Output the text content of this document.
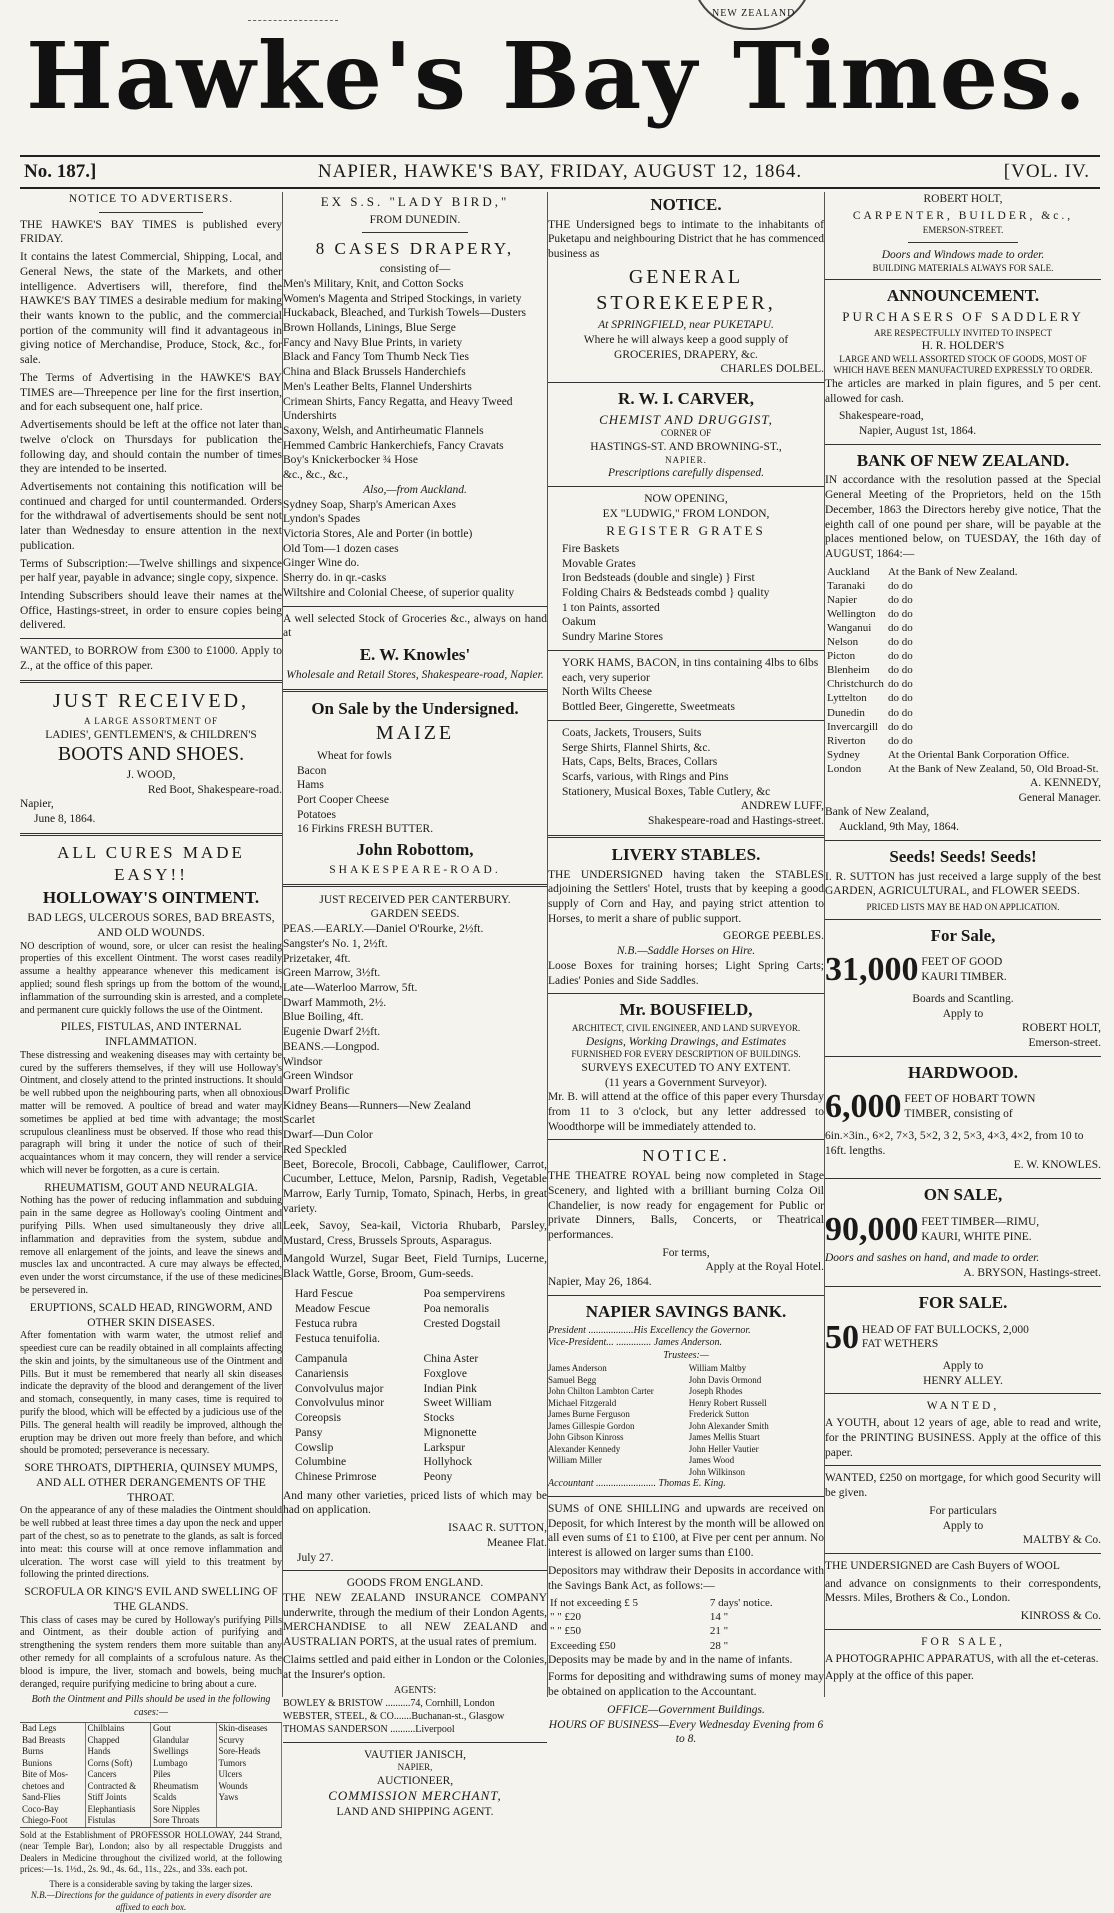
NEW ZEALAND
Hawke's Bay Times.
No. 187.]	NAPIER, HAWKE'S BAY, FRIDAY, AUGUST 12, 1864.	[VOL. IV.
NOTICE TO ADVERTISERS.

THE HAWKE'S BAY TIMES is published every FRIDAY.

It contains the latest Commercial, Shipping, Local, and General News, the state of the Markets, and other intelligence. Advertisers will, therefore, find the HAWKE'S BAY TIMES a desirable medium for making their wants known to the public, and the commercial portion of the community will find it advantageous in giving notice of Merchandise, Produce, Stock, &c., for sale.

The Terms of Advertising in the HAWKE'S BAY TIMES are—Threepence per line for the first insertion, and for each subsequent one, half price.

Advertisements should be left at the office not later than twelve o'clock on Thursdays for publication the following day, and should contain the number of times they are intended to be inserted.

Advertisements not containing this notification will be continued and charged for until countermanded. Orders for the withdrawal of advertisements should be sent not later than Wednesday to ensure attention in the next publication.

Terms of Subscription:—Twelve shillings and sixpence per half year, payable in advance; single copy, sixpence.

Intending Subscribers should leave their names at the Office, Hastings-street, in order to ensure copies being delivered.

WANTED, to BORROW from £300 to £1000. Apply to Z., at the office of this paper.

JUST RECEIVED,
A LARGE ASSORTMENT OF
LADIES', GENTLEMEN'S, & CHILDREN'S
BOOTS AND SHOES.
J. WOOD,
Red Boot, Shakespeare-road.
Napier,
June 8, 1864.
ALL CURES MADE EASY!!
HOLLOWAY'S OINTMENT.
BAD LEGS, ULCEROUS SORES, BAD BREASTS, AND OLD WOUNDS.

NO description of wound, sore, or ulcer can resist the healing properties of this excellent Ointment. The worst cases readily assume a healthy appearance whenever this medicament is applied; sound flesh springs up from the bottom of the wound, inflammation of the surrounding skin is arrested, and a complete and permanent cure quickly follows the use of the Ointment.

PILES, FISTULAS, AND INTERNAL INFLAMMATION.

These distressing and weakening diseases may with certainty be cured by the sufferers themselves, if they will use Holloway's Ointment, and closely attend to the printed instructions. It should be well rubbed upon the neighbouring parts, when all obnoxious matter will be removed. A poultice of bread and water may sometimes be applied at bed time with advantage; the most scrupulous cleanliness must be observed. If those who read this paragraph will bring it under the notice of such of their acquaintances whom it may concern, they will render a service which will never be forgotten, as a cure is certain.

RHEUMATISM, GOUT AND NEURALGIA.

Nothing has the power of reducing inflammation and subduing pain in the same degree as Holloway's cooling Ointment and purifying Pills. When used simultaneously they drive all inflammation and depravities from the system, subdue and remove all enlargement of the joints, and leave the sinews and muscles lax and uncontracted. A cure may always be effected, even under the worst circumstance, if the use of these medicines be persevered in.

ERUPTIONS, SCALD HEAD, RINGWORM, AND OTHER SKIN DISEASES.

After fomentation with warm water, the utmost relief and speediest cure can be readily obtained in all complaints affecting the skin and joints, by the simultaneous use of the Ointment and Pills. But it must be remembered that nearly all skin diseases indicate the depravity of the blood and derangement of the liver and stomach, consequently, in many cases, time is required to purify the blood, which will be effected by a judicious use of the Pills. The general health will readily be improved, although the eruption may be driven out more freely than before, and which should be promoted; perseverance is necessary.

SORE THROATS, DIPTHERIA, QUINSEY MUMPS, AND ALL OTHER DERANGEMENTS OF THE THROAT.

On the appearance of any of these maladies the Ointment should be well rubbed at least three times a day upon the neck and upper part of the chest, so as to penetrate to the glands, as salt is forced into meat: this course will at once remove inflammation and ulceration. The worst case will yield to this treatment by following the printed directions.

SCROFULA OR KING'S EVIL AND SWELLING OF THE GLANDS.

This class of cases may be cured by Holloway's purifying Pills and Ointment, as their double action of purifying and strengthening the system renders them more suitable than any other remedy for all complaints of a scrofulous nature. As the blood is impure, the liver, stomach and bowels, being much deranged, require purifying medicine to bring about a cure.

Both the Ointment and Pills should be used in the following cases:—
Bad Legs	Chilblains	Gout	Skin-diseases
Bad Breasts	Chapped	Glandular	Scurvy
Burns	Hands	Swellings	Sore-Heads
Bunions	Corns (Soft)	Lumbago	Tumors
Bite of Mos-	Cancers	Piles	Ulcers
chetoes and	Contracted &	Rheumatism	Wounds
Sand-Flies	Stiff Joints	Scalds	Yaws
Coco-Bay	Elephantiasis	Sore Nipples
Chiego-Foot	Fistulas	Sore Throats

Sold at the Establishment of PROFESSOR HOLLOWAY, 244 Strand, (near Temple Bar), London; also by all respectable Druggists and Dealers in Medicine throughout the civilized world, at the following prices:—1s. 1½d., 2s. 9d., 4s. 6d., 11s., 22s., and 33s. each pot.

There is a considerable saving by taking the larger sizes.
N.B.—Directions for the guidance of patients in every disorder are affixed to each box.
EX S.S. "LADY BIRD,"
FROM DUNEDIN.
8 CASES DRAPERY,
consisting of—
Men's Military, Knit, and Cotton Socks
Women's Magenta and Striped Stockings, in variety
Huckaback, Bleached, and Turkish Towels—Dusters
Brown Hollands, Linings, Blue Serge
Fancy and Navy Blue Prints, in variety
Black and Fancy Tom Thumb Neck Ties
China and Black Brussels Handerchiefs
Men's Leather Belts, Flannel Undershirts
Crimean Shirts, Fancy Regatta, and Heavy Tweed Undershirts
Saxony, Welsh, and Antirheumatic Flannels
Hemmed Cambric Hankerchiefs, Fancy Cravats
Boy's Knickerbocker ¾ Hose
&c., &c., &c.,
Also,—from Auckland.
Sydney Soap, Sharp's American Axes
Lyndon's Spades
Victoria Stores, Ale and Porter (in bottle)
Old Tom—1 dozen cases
Ginger Wine do.
Sherry do. in qr.-casks
Wiltshire and Colonial Cheese, of superior quality

A well selected Stock of Groceries &c., always on hand at

E. W. Knowles'
Wholesale and Retail Stores, Shakespeare-road, Napier.
On Sale by the Undersigned.
MAIZE
Wheat for fowls
Bacon
Hams
Port Cooper Cheese
Potatoes
16 Firkins FRESH BUTTER.
John Robottom,
SHAKESPEARE-ROAD.
JUST RECEIVED PER CANTERBURY.
GARDEN SEEDS.
PEAS.—EARLY.—Daniel O'Rourke, 2½ft.
Sangster's No. 1, 2½ft.
Prizetaker, 4ft.
Green Marrow, 3½ft.
Late—Waterloo Marrow, 5ft.
Dwarf Mammoth, 2½.
Blue Boiling, 4ft.
Eugenie Dwarf 2½ft.
BEANS.—Longpod.
Windsor
Green Windsor
Dwarf Prolific
Kidney Beans—Runners—New Zealand
Scarlet
Dwarf—Dun Color
Red Speckled

Beet, Borecole, Brocoli, Cabbage, Cauliflower, Carrot, Cucumber, Lettuce, Melon, Parsnip, Radish, Vegetable Marrow, Early Turnip, Tomato, Spinach, Herbs, in great variety.

Leek, Savoy, Sea-kail, Victoria Rhubarb, Parsley, Mustard, Cress, Brussels Sprouts, Asparagus.

Mangold Wurzel, Sugar Beet, Field Turnips, Lucerne, Black Wattle, Gorse, Broom, Gum-seeds.

Hard Fescue
Meadow Fescue
Festuca rubra
Festuca tenuifolia.
Poa sempervirens
Poa nemoralis
Crested Dogstail
Campanula
Canariensis
Convolvulus major
Convolvulus minor
Coreopsis
Pansy
Cowslip
Columbine
Chinese Primrose
China Aster
Foxglove
Indian Pink
Sweet William
Stocks
Mignonette
Larkspur
Hollyhock
Peony

And many other varieties, priced lists of which may be had on application.

ISAAC R. SUTTON,
Meanee Flat.
July 27.
GOODS FROM ENGLAND.

THE NEW ZEALAND INSURANCE COMPANY underwrite, through the medium of their London Agents, MERCHANDISE to all NEW ZEALAND and AUSTRALIAN PORTS, at the usual rates of premium.

Claims settled and paid either in London or the Colonies, at the Insurer's option.

AGENTS:
BOWLEY & BRISTOW ..........74, Cornhill, London
WEBSTER, STEEL, & CO.......Buchanan-st., Glasgow
THOMAS SANDERSON ..........Liverpool
VAUTIER JANISCH,
NAPIER,
AUCTIONEER,
COMMISSION MERCHANT,
LAND AND SHIPPING AGENT.
NOTICE.

THE Undersigned begs to intimate to the inhabitants of Puketapu and neighbouring District that he has commenced business as

GENERAL STOREKEEPER,
At SPRINGFIELD, near PUKETAPU.
Where he will always keep a good supply of
GROCERIES, DRAPERY, &c.
CHARLES DOLBEL.
R. W. I. CARVER,
CHEMIST AND DRUGGIST,
CORNER OF
HASTINGS-ST. AND BROWNING-ST.,
NAPIER.
Prescriptions carefully dispensed.
NOW OPENING,
EX "LUDWIG," FROM LONDON,
REGISTER GRATES
Fire Baskets
Movable Grates
Iron Bedsteads (double and single) } First
Folding Chairs & Bedsteads combd } quality
1 ton Paints, assorted
Oakum
Sundry Marine Stores
YORK HAMS, BACON, in tins containing 4lbs to 6lbs each, very superior
North Wilts Cheese
Bottled Beer, Gingerette, Sweetmeats
Coats, Jackets, Trousers, Suits
Serge Shirts, Flannel Shirts, &c.
Hats, Caps, Belts, Braces, Collars
Scarfs, various, with Rings and Pins
Stationery, Musical Boxes, Table Cutlery, &c
ANDREW LUFF,
Shakespeare-road and Hastings-street.
LIVERY STABLES.

THE UNDERSIGNED having taken the STABLES adjoining the Settlers' Hotel, trusts that by keeping a good supply of Corn and Hay, and paying strict attention to Horses, to merit a share of public support.

GEORGE PEEBLES.
N.B.—Saddle Horses on Hire.

Loose Boxes for training horses; Light Spring Carts; Ladies' Ponies and Side Saddles.

Mr. BOUSFIELD,
ARCHITECT, CIVIL ENGINEER, AND LAND SURVEYOR.
Designs, Working Drawings, and Estimates
FURNISHED FOR EVERY DESCRIPTION OF BUILDINGS.
SURVEYS EXECUTED TO ANY EXTENT.
(11 years a Government Surveyor).

Mr. B. will attend at the office of this paper every Thursday from 11 to 3 o'clock, but any letter addressed to Woodthorpe will be immediately attended to.

NOTICE.

THE THEATRE ROYAL being now completed in Stage Scenery, and lighted with a brilliant burning Colza Oil Chandelier, is now ready for engagement for Public or private Dinners, Balls, Concerts, or Theatrical performances.

For terms,
Apply at the Royal Hotel.
Napier, May 26, 1864.
NAPIER SAVINGS BANK.
President ..................His Excellency the Governor.
Vice-President... .............. James Anderson.
Trustees:—
James Anderson
Samuel Begg
John Chilton Lambton Carter
Michael Fitzgerald
James Burne Ferguson
James Gillespie Gordon
John Gibson Kinross
Alexander Kennedy
William Miller
William Maltby
John Davis Ormond
Joseph Rhodes
Henry Robert Russell
Frederick Sutton
John Alexander Smith
James Mellis Stuart
John Heller Vautier
James Wood
John Wilkinson
Accountant ........................ Thomas E. King.

SUMS of ONE SHILLING and upwards are received on Deposit, for which Interest by the month will be allowed on all even sums of £1 to £100, at Five per cent per annum. No interest is allowed on larger sums than £100.

Depositors may withdraw their Deposits in accordance with the Savings Bank Act, as follows:—

If not exceeding £ 5	7 days' notice.
" " £20	14 "
" " £50	21 "
Exceeding £50	28 "

Deposits may be made by and in the name of infants.

Forms for depositing and withdrawing sums of money may be obtained on application to the Accountant.

OFFICE—Government Buildings.
HOURS OF BUSINESS—Every Wednesday Evening from 6 to 8.
ROBERT HOLT,
CARPENTER, BUILDER, &c.,
EMERSON-STREET.
Doors and Windows made to order.
BUILDING MATERIALS ALWAYS FOR SALE.
ANNOUNCEMENT.
PURCHASERS OF SADDLERY
ARE RESPECTFULLY INVITED TO INSPECT
H. R. HOLDER'S
LARGE AND WELL ASSORTED STOCK OF GOODS, MOST OF WHICH HAVE BEEN MANUFACTURED EXPRESSLY TO ORDER.

The articles are marked in plain figures, and 5 per cent. allowed for cash.

Shakespeare-road,
Napier, August 1st, 1864.
BANK OF NEW ZEALAND.

IN accordance with the resolution passed at the Special General Meeting of the Proprietors, held on the 15th December, 1863 the Directors hereby give notice, That the eighth call of one pound per share, will be payable at the places mentioned below, on TUESDAY, the 16th day of AUGUST, 1864:—

Auckland	At the Bank of New Zealand.
Taranaki	do do
Napier	do do
Wellington	do do
Wanganui	do do
Nelson	do do
Picton	do do
Blenheim	do do
Christchurch	do do
Lyttelton	do do
Dunedin	do do
Invercargill	do do
Riverton	do do
Sydney	At the Oriental Bank Corporation Office.
London	At the Bank of New Zealand, 50, Old Broad-St.
A. KENNEDY,
General Manager.
Bank of New Zealand,
Auckland, 9th May, 1864.
Seeds! Seeds! Seeds!

I. R. SUTTON has just received a large supply of the best GARDEN, AGRICULTURAL, and FLOWER SEEDS.

PRICED LISTS MAY BE HAD ON APPLICATION.
For Sale,
31,000 FEET OF GOOD KAURI TIMBER.
Boards and Scantling.
Apply to
ROBERT HOLT,
Emerson-street.
HARDWOOD.
6,000 FEET OF HOBART TOWN TIMBER, consisting of
6in.×3in., 6×2, 7×3, 5×2, 3 2, 5×3, 4×3, 4×2, from 10 to 16ft. lengths.
E. W. KNOWLES.
ON SALE,
90,000 FEET TIMBER—RIMU, KAURI, WHITE PINE.
Doors and sashes on hand, and made to order.
A. BRYSON, Hastings-street.
FOR SALE.
50 HEAD OF FAT BULLOCKS, 2,000 FAT WETHERS
Apply to
HENRY ALLEY.
WANTED,

A YOUTH, about 12 years of age, able to read and write, for the PRINTING BUSINESS. Apply at the office of this paper.

WANTED, £250 on mortgage, for which good Security will be given.

For particulars
Apply to
MALTBY & Co.

THE UNDERSIGNED are Cash Buyers of WOOL

and advance on consignments to their correspondents, Messrs. Miles, Brothers & Co., London.

KINROSS & Co.
FOR SALE,

A PHOTOGRAPHIC APPARATUS, with all the et-ceteras.

Apply at the office of this paper.
